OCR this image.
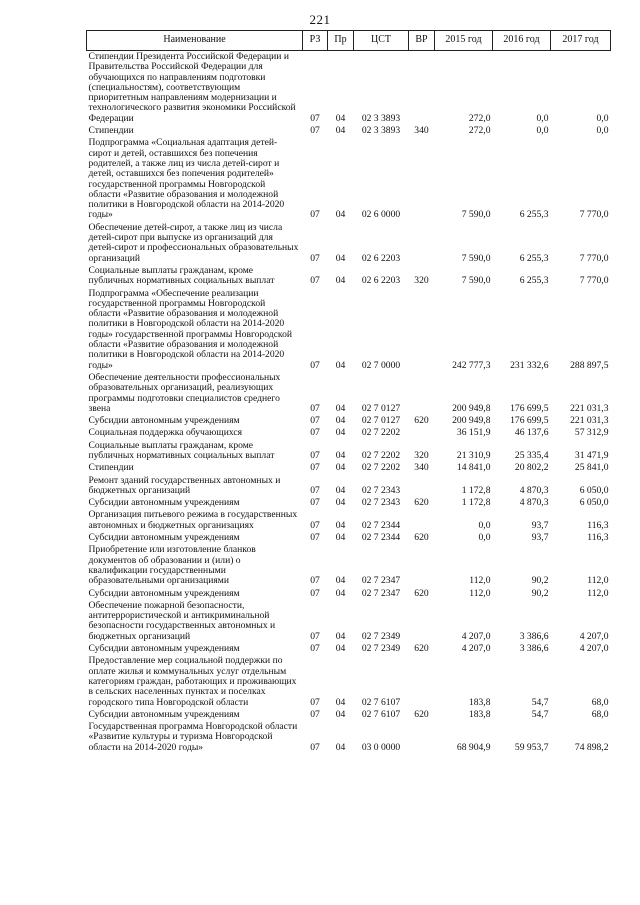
221
Наименование	РЗ	Пр	ЦСТ	ВР	2015 год	2016 год	2017 год
Стипендии Президента Российской Федерации и Правительства Российской Федерации для обучающихся по направлениям подготовки (специальностям), соответствующим приоритетным направлениям модернизации и технологического развития экономики Российской Федерации	07	04	02 3 3893		272,0	0,0	0,0
Стипендии	07	04	02 3 3893	340	272,0	0,0	0,0
Подпрограмма «Социальная адаптация детей-сирот и детей, оставшихся без попечения родителей, а также лиц из числа детей-сирот и детей, оставшихся без попечения родителей» государственной программы Новгородской области «Развитие образования и молодежной политики в Новгородской области на 2014-2020 годы»	07	04	02 6 0000		7 590,0	6 255,3	7 770,0
Обеспечение детей-сирот, а также лиц из числа детей-сирот при выпуске из организаций для детей-сирот и профессиональных образовательных организаций	07	04	02 6 2203		7 590,0	6 255,3	7 770,0
Социальные выплаты гражданам, кроме публичных нормативных социальных выплат	07	04	02 6 2203	320	7 590,0	6 255,3	7 770,0
Подпрограмма «Обеспечение реализации государственной программы Новгородской области «Развитие образования и молодежной политики в Новгородской области на 2014-2020 годы» государственной программы Новгородской области «Развитие образования и молодежной политики в Новгородской области на 2014-2020 годы»	07	04	02 7 0000		242 777,3	231 332,6	288 897,5
Обеспечение деятельности профессиональных образовательных организаций, реализующих программы подготовки специалистов среднего звена	07	04	02 7 0127		200 949,8	176 699,5	221 031,3
Субсидии автономным учреждениям	07	04	02 7 0127	620	200 949,8	176 699,5	221 031,3
Социальная поддержка обучающихся	07	04	02 7 2202		36 151,9	46 137,6	57 312,9
Социальные выплаты гражданам, кроме публичных нормативных социальных выплат	07	04	02 7 2202	320	21 310,9	25 335,4	31 471,9
Стипендии	07	04	02 7 2202	340	14 841,0	20 802,2	25 841,0
Ремонт зданий государственных автономных и бюджетных организаций	07	04	02 7 2343		1 172,8	4 870,3	6 050,0
Субсидии автономным учреждениям	07	04	02 7 2343	620	1 172,8	4 870,3	6 050,0
Организация питьевого режима в государственных автономных и бюджетных организациях	07	04	02 7 2344		0,0	93,7	116,3
Субсидии автономным учреждениям	07	04	02 7 2344	620	0,0	93,7	116,3
Приобретение или изготовление бланков документов об образовании и (или) о квалификации государственными образовательными организациями	07	04	02 7 2347		112,0	90,2	112,0
Субсидии автономным учреждениям	07	04	02 7 2347	620	112,0	90,2	112,0
Обеспечение пожарной безопасности, антитеррористической и антикриминальной безопасности государственных автономных и бюджетных организаций	07	04	02 7 2349		4 207,0	3 386,6	4 207,0
Субсидии автономным учреждениям	07	04	02 7 2349	620	4 207,0	3 386,6	4 207,0
Предоставление мер социальной поддержки по оплате жилья и коммунальных услуг отдельным категориям граждан, работающих и проживающих в сельских населенных пунктах и поселках городского типа Новгородской области	07	04	02 7 6107		183,8	54,7	68,0
Субсидии автономным учреждениям	07	04	02 7 6107	620	183,8	54,7	68,0
Государственная программа Новгородской области «Развитие культуры и туризма Новгородской области на 2014-2020 годы»	07	04	03 0 0000		68 904,9	59 953,7	74 898,2
